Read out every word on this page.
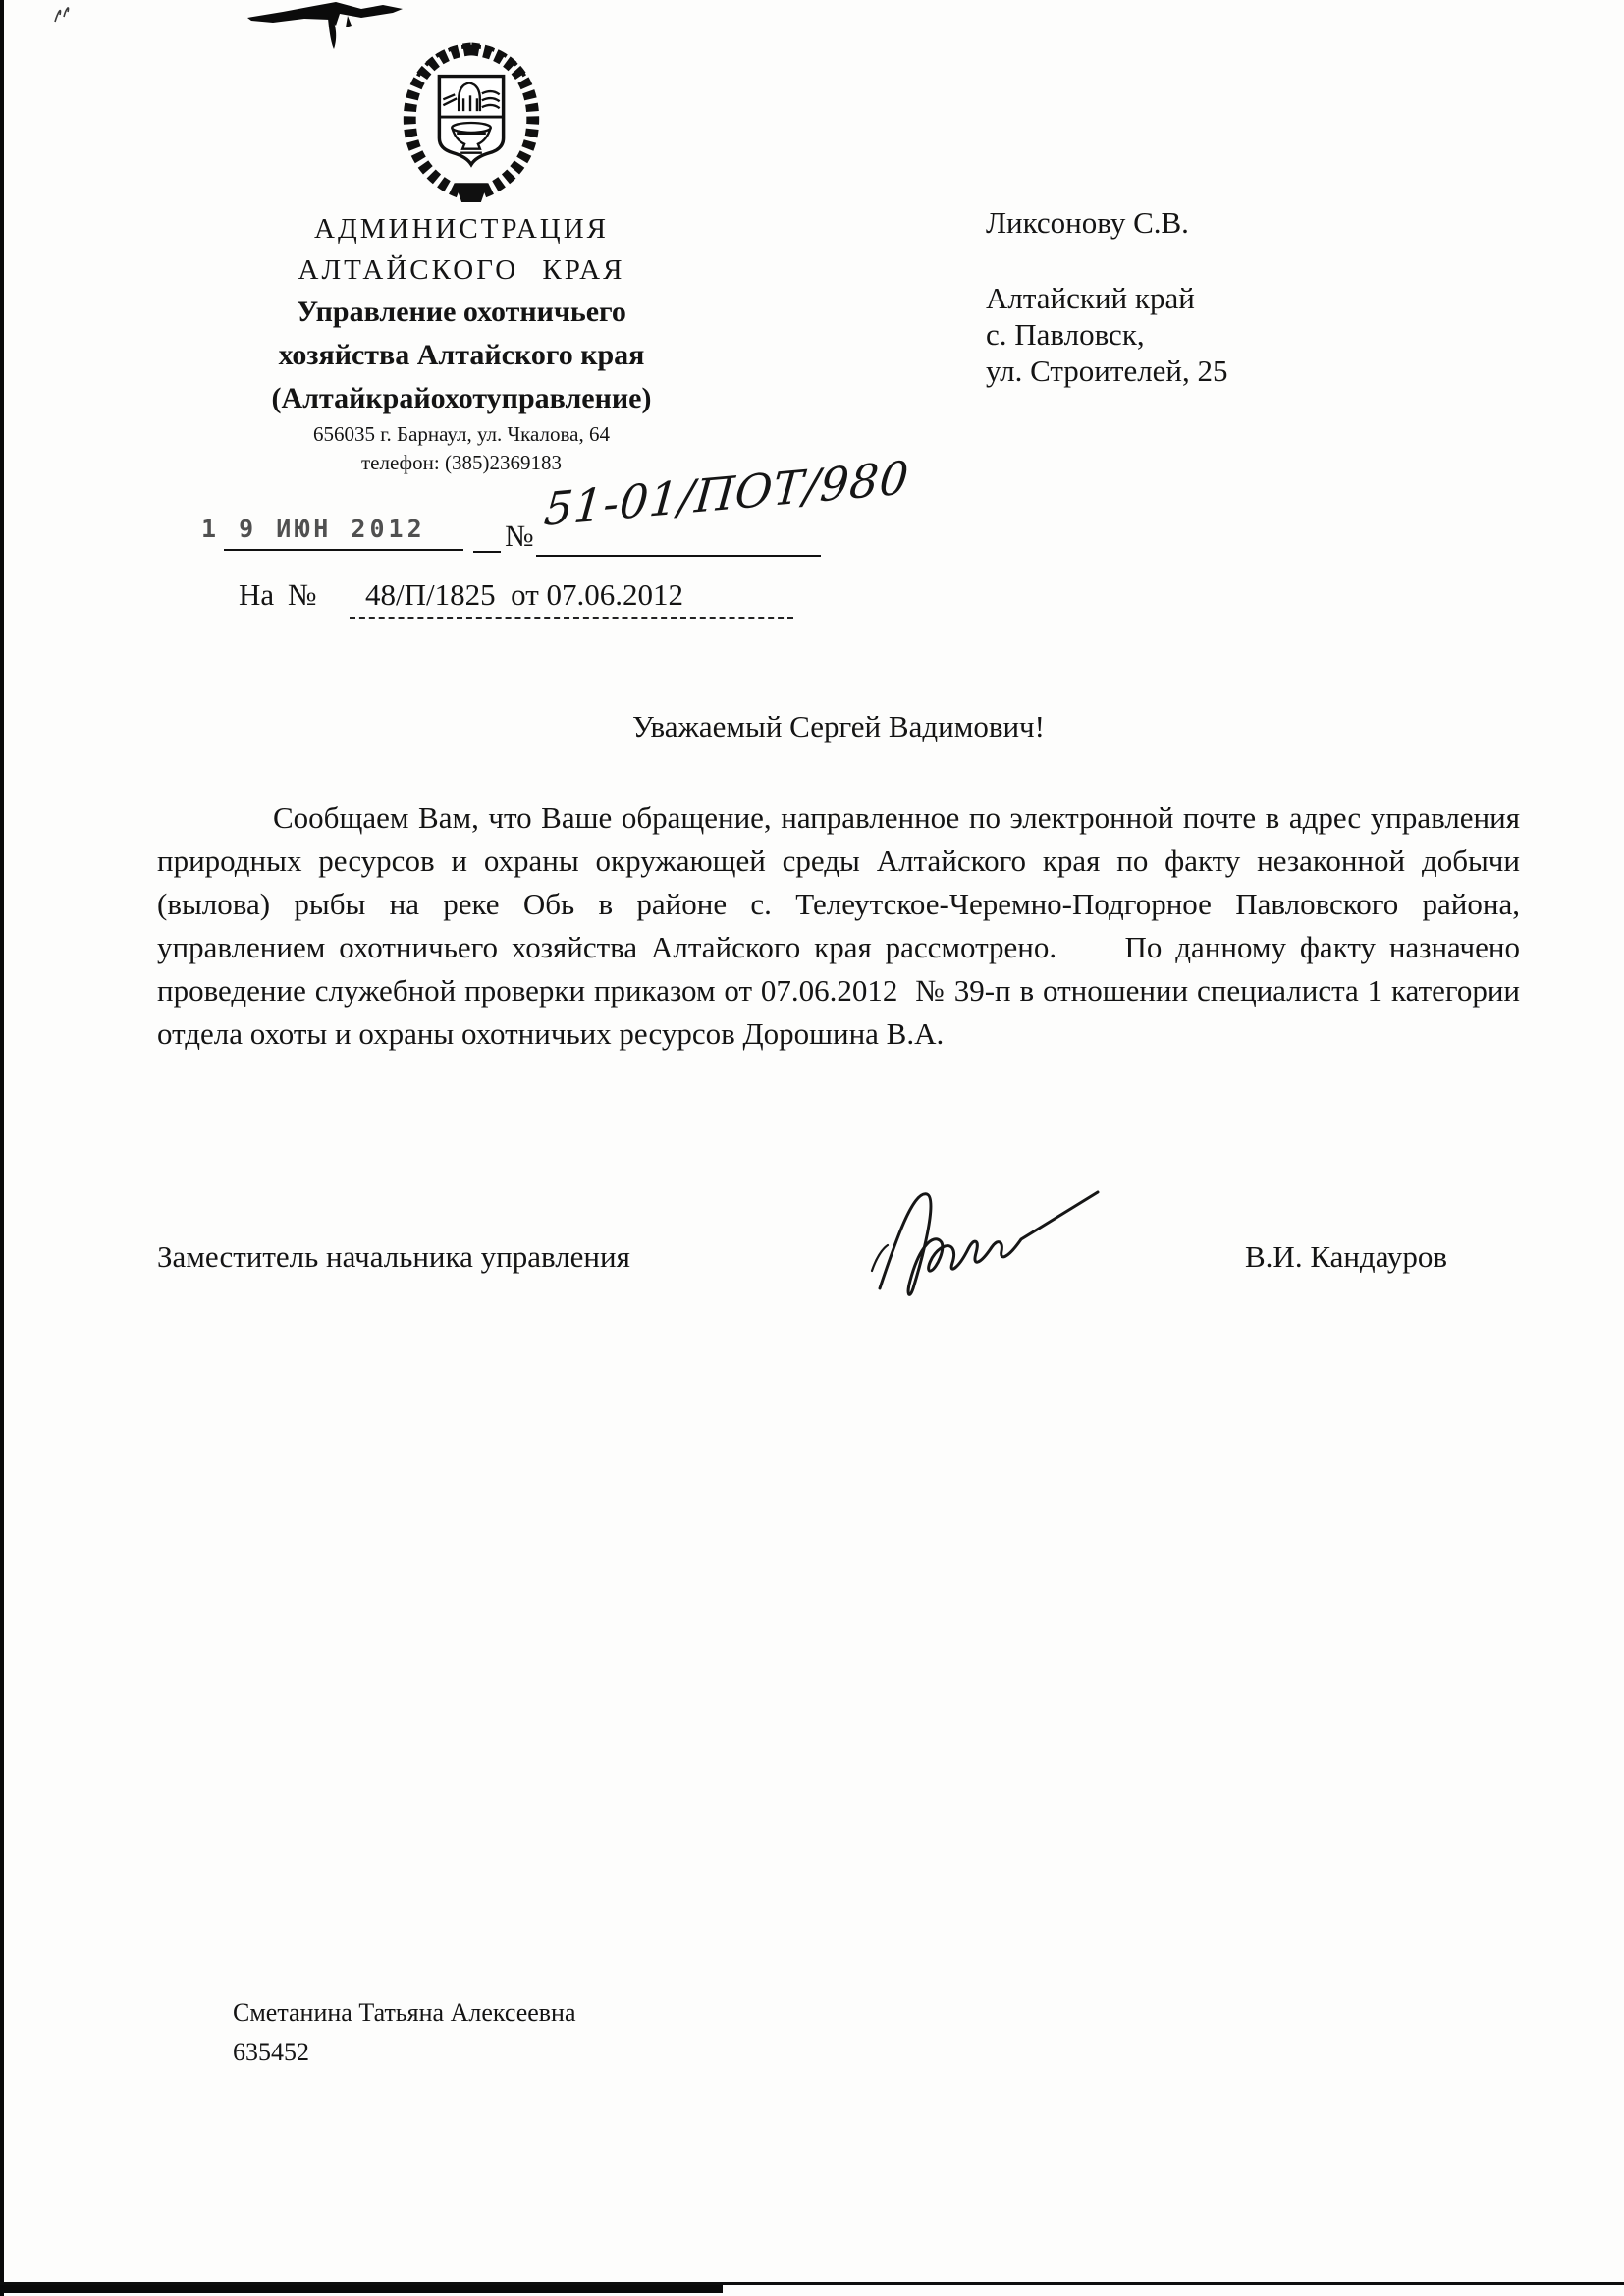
АДМИНИСТРАЦИЯ
АЛТАЙСКОГО КРАЯ
Управление охотничьего
хозяйства Алтайского края
(Алтайкрайохотуправление)
656035 г. Барнаул, ул. Чкалова, 64
телефон: (385)2369183
1 9 ИЮН 2012	№ 51-01/ПОТ/980
На № 48/П/1825  от 07.06.2012
Ликсонову С.В.
Алтайский край
с. Павловск,
ул. Строителей, 25
Уважаемый Сергей Вадимович!
Сообщаем Вам, что Ваше обращение, направленное по электронной почте в адрес управления природных ресурсов и охраны окружающей среды Алтайского края по факту незаконной добычи (вылова) рыбы на реке Обь в районе с. Телеутское-Черемно-Подгорное Павловского района, управлением охотничьего хозяйства Алтайского края рассмотрено.     По данному факту назначено проведение служебной проверки приказом от 07.06.2012  № 39-п в отношении специалиста 1 категории отдела охоты и охраны охотничьих ресурсов Дорошина В.А.
Заместитель начальника управления	В.И. Кандауров
Сметанина Татьяна Алексеевна
635452
